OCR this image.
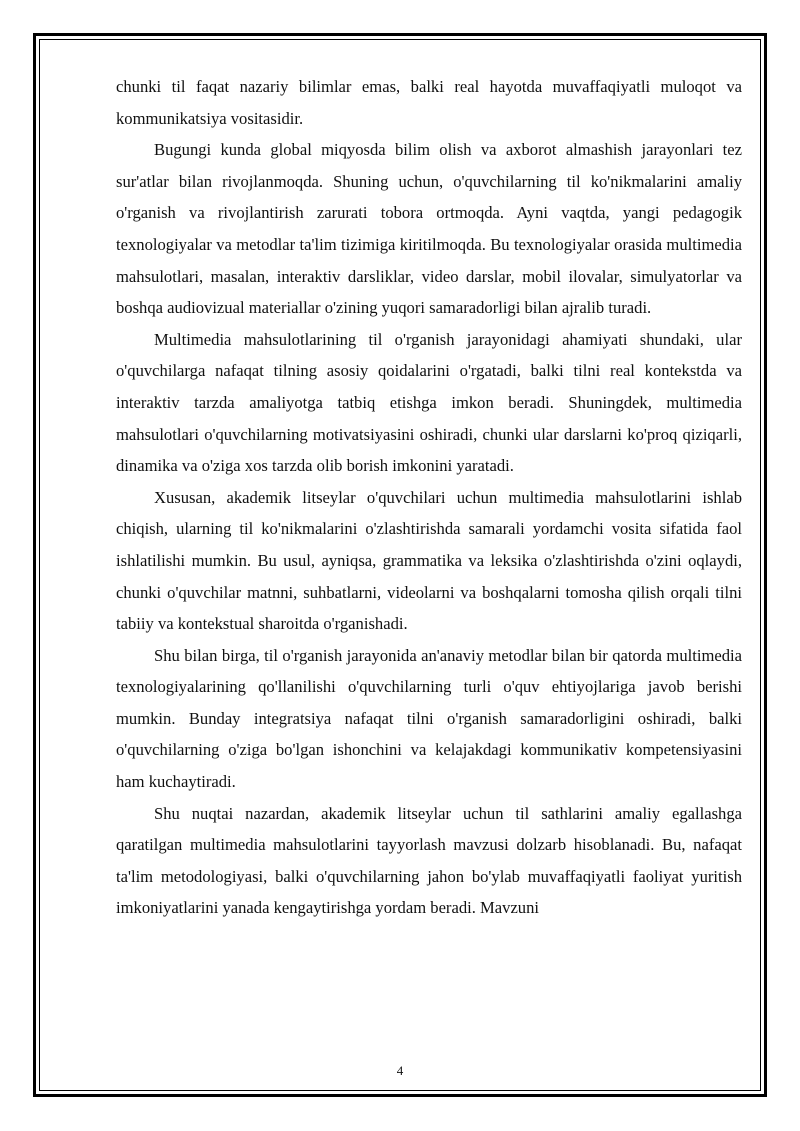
chunki til faqat nazariy bilimlar emas, balki real hayotda muvaffaqiyatli muloqot va kommunikatsiya vositasidir.

Bugungi kunda global miqyosda bilim olish va axborot almashish jarayonlari tez sur'atlar bilan rivojlanmoqda. Shuning uchun, o'quvchilarning til ko'nikmalarini amaliy o'rganish va rivojlantirish zarurati tobora ortmoqda. Ayni vaqtda, yangi pedagogik texnologiyalar va metodlar ta'lim tizimiga kiritilmoqda. Bu texnologiyalar orasida multimedia mahsulotlari, masalan, interaktiv darsliklar, video darslar, mobil ilovalar, simulyatorlar va boshqa audiovizual materiallar o'zining yuqori samaradorligi bilan ajralib turadi.

Multimedia mahsulotlarining til o'rganish jarayonidagi ahamiyati shundaki, ular o'quvchilarga nafaqat tilning asosiy qoidalarini o'rgatadi, balki tilni real kontekstda va interaktiv tarzda amaliyotga tatbiq etishga imkon beradi. Shuningdek, multimedia mahsulotlari o'quvchilarning motivatsiyasini oshiradi, chunki ular darslarni ko'proq qiziqarli, dinamika va o'ziga xos tarzda olib borish imkonini yaratadi.

Xususan, akademik litseylar o'quvchilari uchun multimedia mahsulotlarini ishlab chiqish, ularning til ko'nikmalarini o'zlashtirishda samarali yordamchi vosita sifatida faol ishlatilishi mumkin. Bu usul, ayniqsa, grammatika va leksika o'zlashtirishda o'zini oqlaydi, chunki o'quvchilar matnni, suhbatlarni, videolarni va boshqalarni tomosha qilish orqali tilni tabiiy va kontekstual sharoitda o'rganishadi.

Shu bilan birga, til o'rganish jarayonida an'anaviy metodlar bilan bir qatorda multimedia texnologiyalarining qo'llanilishi o'quvchilarning turli o'quv ehtiyojlariga javob berishi mumkin. Bunday integratsiya nafaqat tilni o'rganish samaradorligini oshiradi, balki o'quvchilarning o'ziga bo'lgan ishonchini va kelajakdagi kommunikativ kompetensiyasini ham kuchaytiradi.

Shu nuqtai nazardan, akademik litseylar uchun til sathlarini amaliy egallashga qaratilgan multimedia mahsulotlarini tayyorlash mavzusi dolzarb hisoblanadi. Bu, nafaqat ta'lim metodologiyasi, balki o'quvchilarning jahon bo'ylab muvaffaqiyatli faoliyat yuritish imkoniyatlarini yanada kengaytirishga yordam beradi. Mavzuni

4
